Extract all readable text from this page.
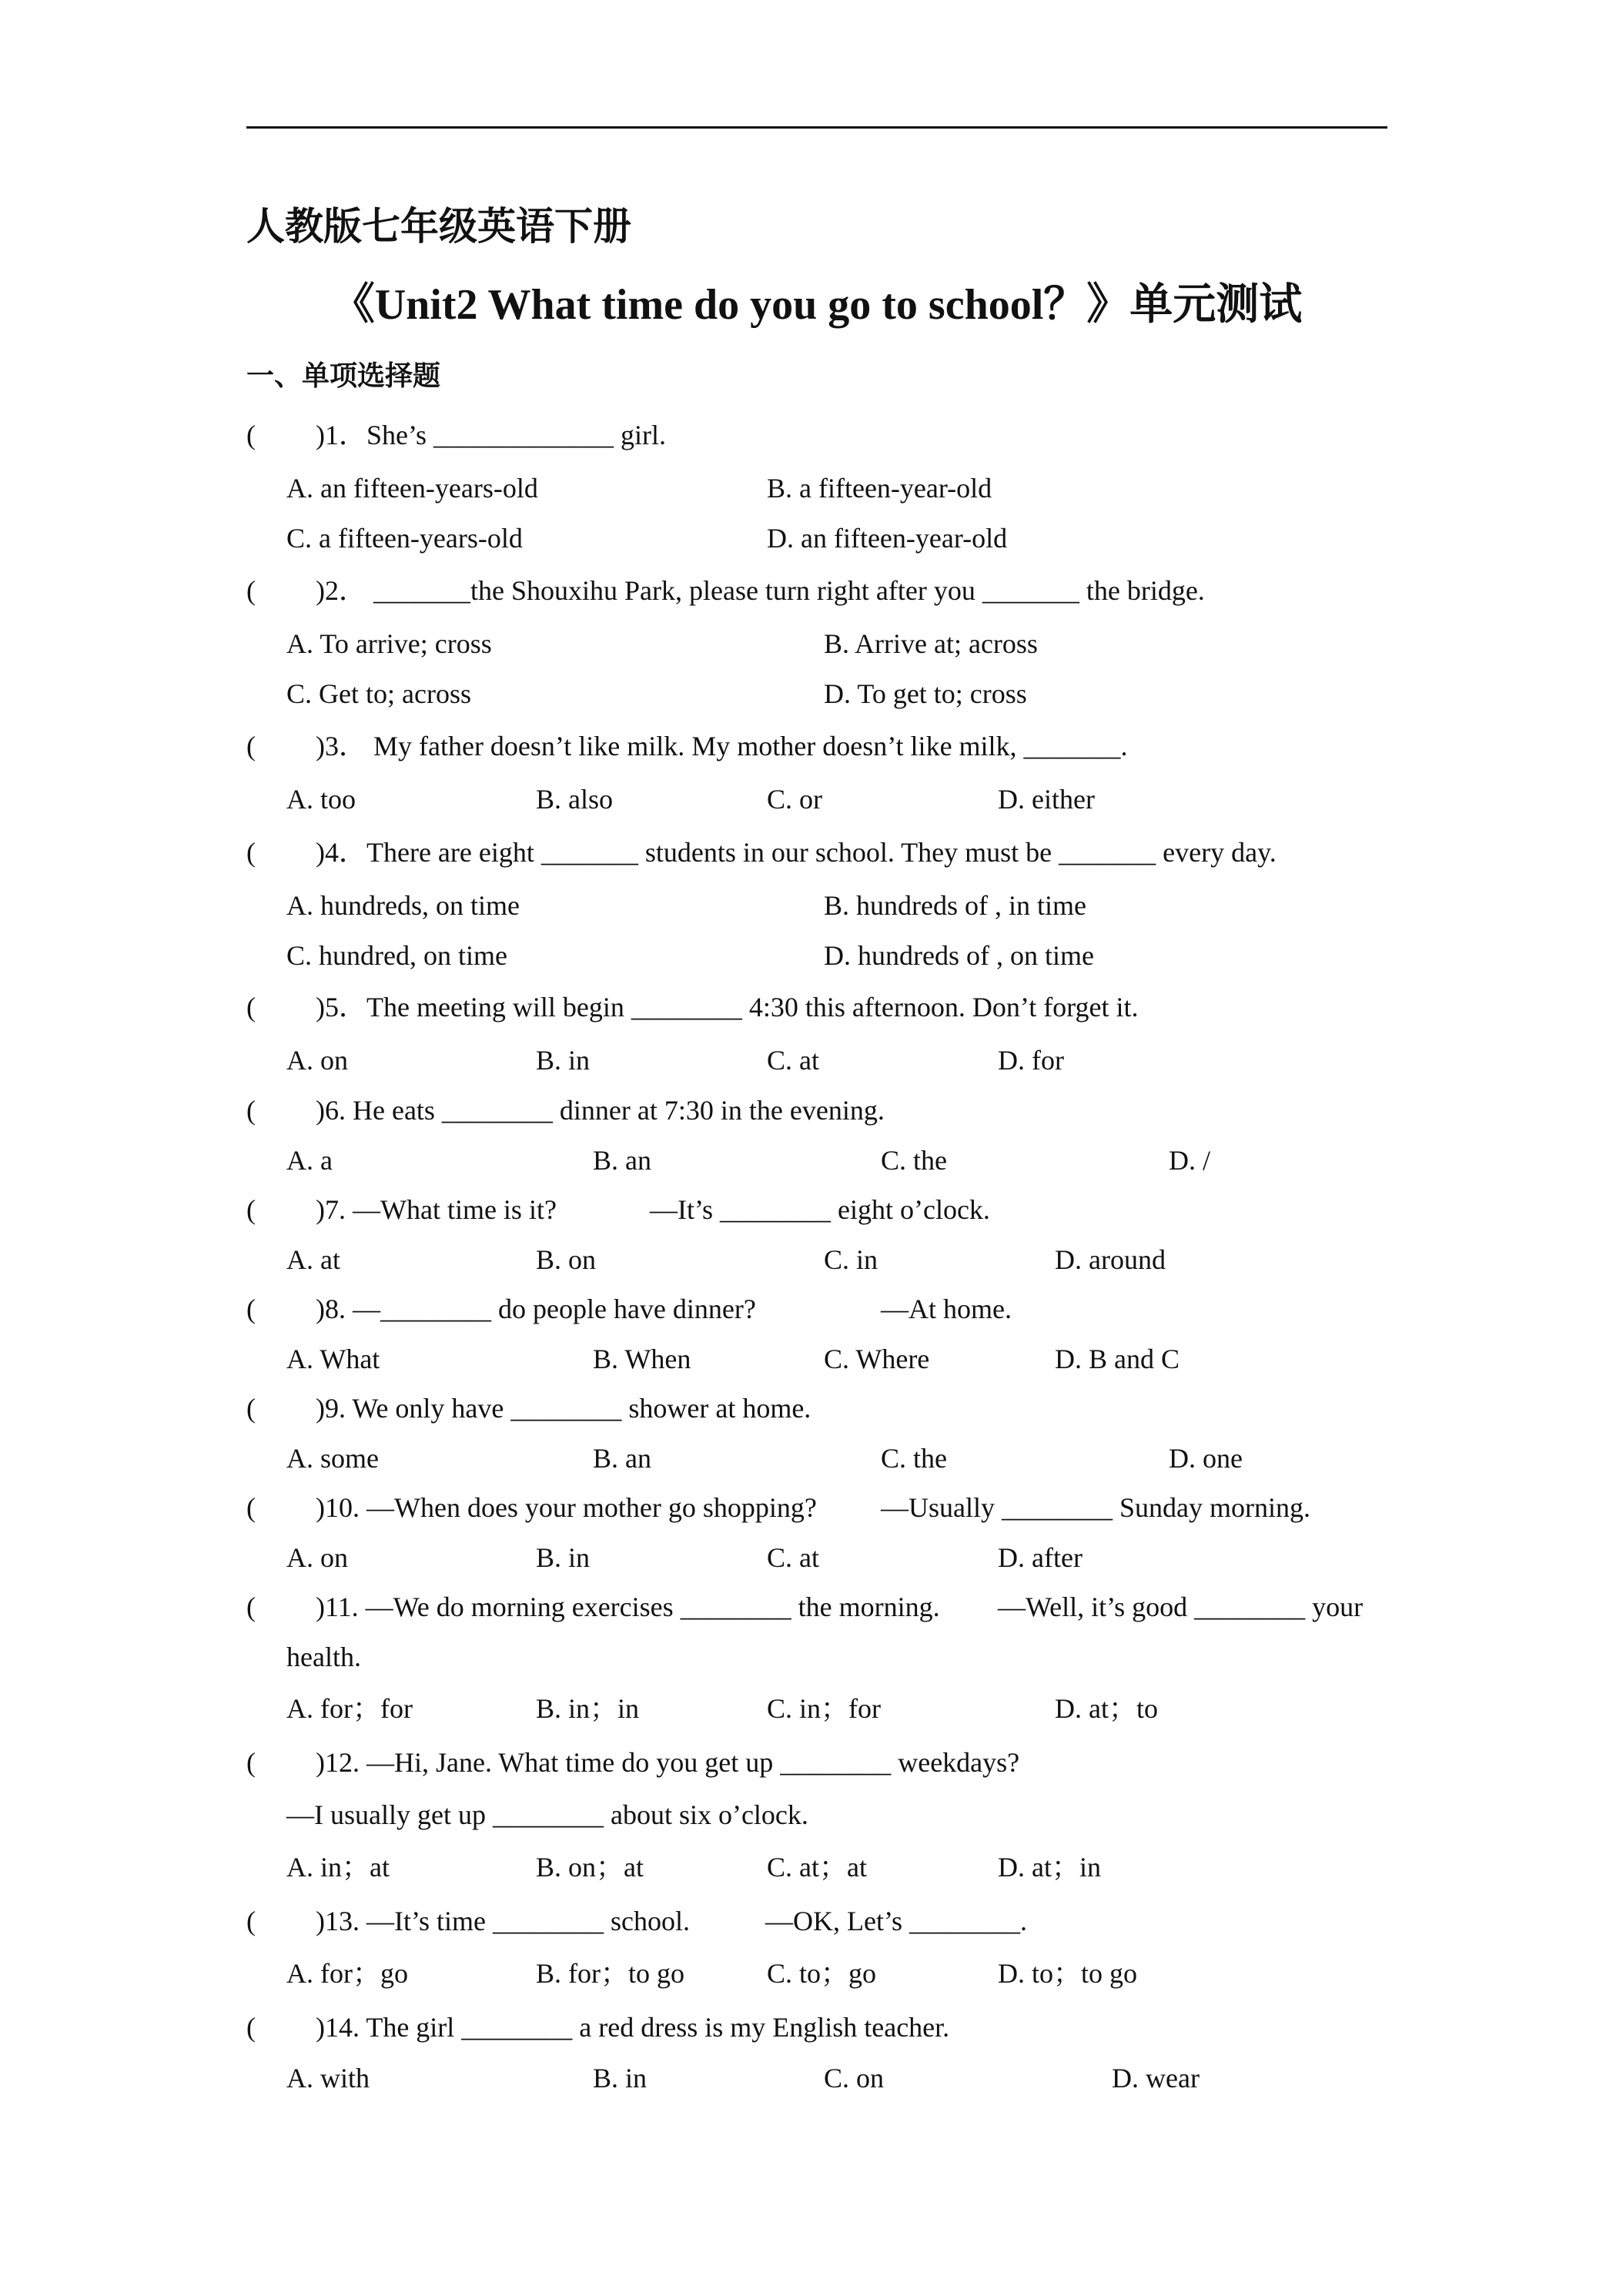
人教版七年级英语下册
《Unit2 What time do you go to school？》单元测试
一、单项选择题
( )1．She’s _____________ girl.
A. an fifteen-years-old	B. a fifteen-year-old
C. a fifteen-years-old	D. an fifteen-year-old
( )2． _______the Shouxihu Park, please turn right after you _______ the bridge.
A. To arrive; cross	B. Arrive at; across
C. Get to; across	D. To get to; cross
( )3． My father doesn’t like milk. My mother doesn’t like milk, _______.
A. too	B. also	C. or	D. either
( )4．There are eight _______ students in our school. They must be _______ every day.
A. hundreds, on time	B. hundreds of , in time
C. hundred, on time	D. hundreds of , on time
( )5．The meeting will begin ________ 4:30 this afternoon. Don’t forget it.
A. on	B. in	C. at	D. for
( )6. He eats ________ dinner at 7:30 in the evening.
A. a	B. an	C. the	D. /
( )7. —What time is it?	—It’s ________ eight o’clock.
A. at	B. on	C. in	D. around
( )8. —________ do people have dinner?	—At home.
A. What	B. When	C. Where	D. B and C
( )9. We only have ________ shower at home.
A. some	B. an	C. the	D. one
( )10. —When does your mother go shopping? —Usually ________ Sunday morning.
A. on	B. in	C. at	D. after
( )11. —We do morning exercises ________ the morning. —Well, it’s good ________ your
health.
A. for；for	B. in；in	C. in；for	D. at；to
( )12. —Hi, Jane. What time do you get up ________ weekdays?
—I usually get up ________ about six o’clock.
A. in；at	B. on；at	C. at；at	D. at；in
( )13. —It’s time ________ school.	—OK, Let’s ________.
A. for；go	B. for；to go	C. to；go	D. to；to go
( )14. The girl ________ a red dress is my English teacher.
A. with	B. in	C. on	D. wear
